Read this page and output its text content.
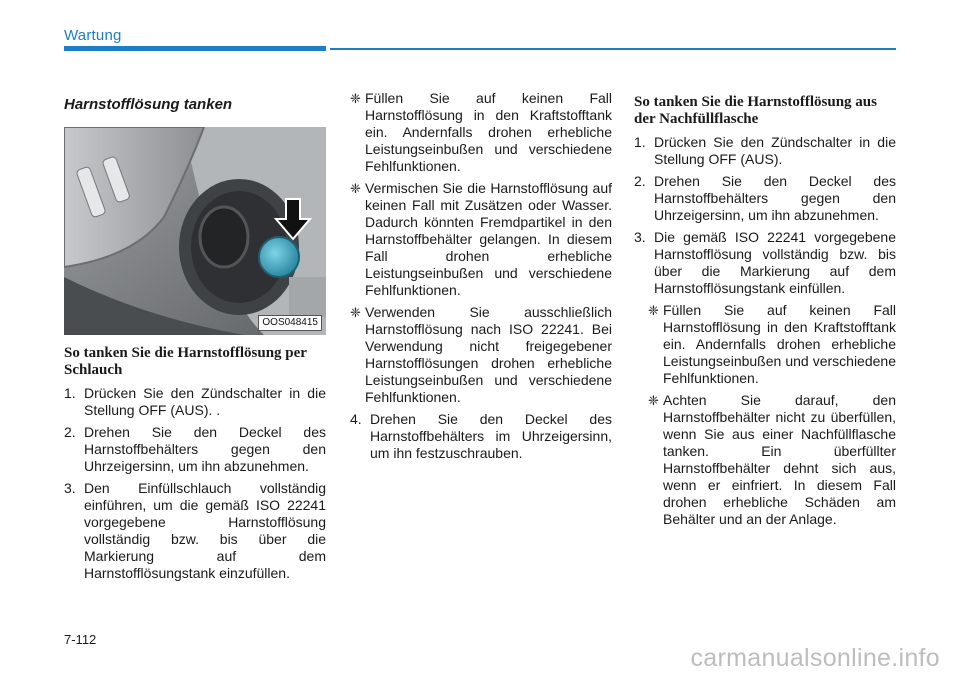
Wartung
Harnstofflösung tanken
OOS048415
So tanken Sie die Harnstofflösung per Schlauch
1. Drücken Sie den Zündschalter in die Stellung OFF (AUS). .
2. Drehen Sie den Deckel des Harnstoffbehälters gegen den Uhrzeigersinn, um ihn abzunehmen.
3. Den Einfüllschlauch vollständig einführen, um die gemäß ISO 22241 vorgegebene Harnstofflösung vollständig bzw. bis über die Markierung auf dem Harnstofflösungstank einzufüllen.
❈ Füllen Sie auf keinen Fall Harnstofflösung in den Kraftstofftank ein. Andernfalls drohen erhebliche Leistungseinbußen und verschiedene Fehlfunktionen.
❈ Vermischen Sie die Harnstofflösung auf keinen Fall mit Zusätzen oder Wasser. Dadurch könnten Fremdpartikel in den Harnstoffbehälter gelangen. In diesem Fall drohen erhebliche Leistungseinbußen und verschiedene Fehlfunktionen.
❈ Verwenden Sie ausschließlich Harnstofflösung nach ISO 22241. Bei Verwendung nicht freigegebener Harnstofflösungen drohen erhebliche Leistungseinbußen und verschiedene Fehlfunktionen.
4. Drehen Sie den Deckel des Harnstoffbehälters im Uhrzeigersinn, um ihn festzuschrauben.
So tanken Sie die Harnstofflösung aus der Nachfüllflasche
1. Drücken Sie den Zündschalter in die Stellung OFF (AUS).
2. Drehen Sie den Deckel des Harnstoffbehälters gegen den Uhrzeigersinn, um ihn abzunehmen.
3. Die gemäß ISO 22241 vorgegebene Harnstofflösung vollständig bzw. bis über die Markierung auf dem Harnstofflösungstank einfüllen.
❈ Füllen Sie auf keinen Fall Harnstofflösung in den Kraftstofftank ein. Andernfalls drohen erhebliche Leistungseinbußen und verschiedene Fehlfunktionen.
❈ Achten Sie darauf, den Harnstoffbehälter nicht zu überfüllen, wenn Sie aus einer Nachfüllflasche tanken. Ein überfüllter Harnstoffbehälter dehnt sich aus, wenn er einfriert. In diesem Fall drohen erhebliche Schäden am Behälter und an der Anlage.
7-112
carmanualsonline.info
